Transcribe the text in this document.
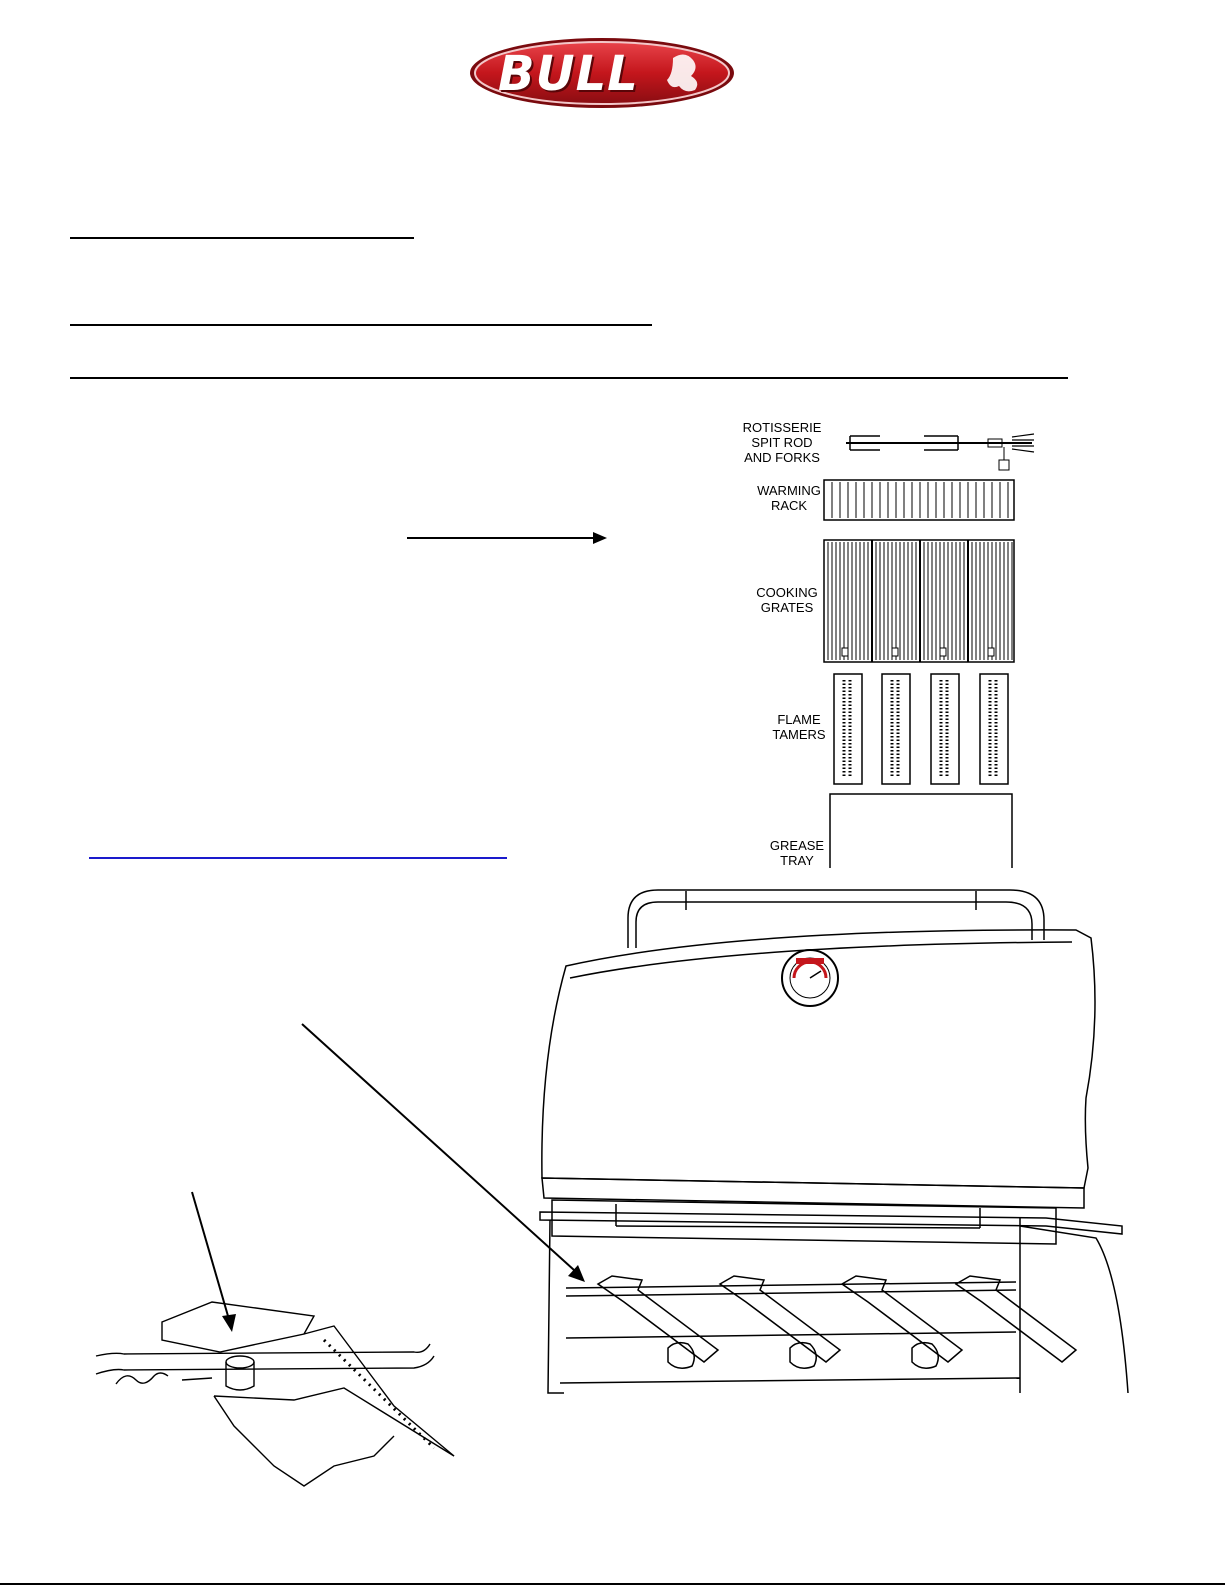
BULL
ROTISSERIE
SPIT ROD
AND FORKS
WARMING
RACK
COOKING
GRATES
FLAME
TAMERS
GREASE
TRAY
